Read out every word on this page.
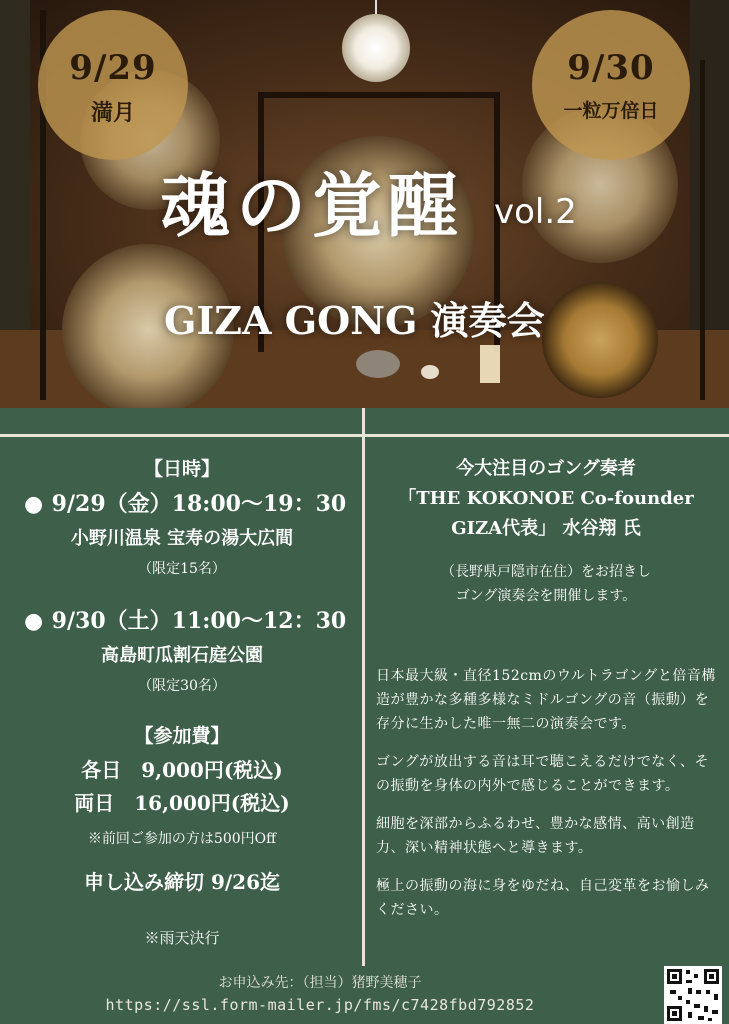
9/29
満月
9/30
一粒万倍日
魂の覚醒 vol.2
GIZA GONG 演奏会
【日時】
● 9/29（金）18:00～19：30
小野川温泉 宝寿の湯大広間
（限定15名）
● 9/30（土）11:00～12：30
高島町瓜割石庭公園
（限定30名）
【参加費】
各日　9,000円(税込)
両日　16,000円(税込)
※前回ご参加の方は500円Off
申し込み締切 9/26迄
※雨天決行
今大注目のゴング奏者
「THE KOKONOE Co-founder
GIZA代表」 水谷翔 氏
（長野県戸隠市在住）をお招きし
ゴング演奏会を開催します。
日本最大級・直径152cmのウルトラゴングと倍音構造が豊かな多種多様なミドルゴングの音（振動）を存分に生かした唯一無二の演奏会です。
ゴングが放出する音は耳で聴こえるだけでなく、その振動を身体の内外で感じることができます。
細胞を深部からふるわせ、豊かな感情、高い創造力、深い精神状態へと導きます。
極上の振動の海に身をゆだね、自己変革をお愉しみください。
お申込み先：（担当）猪野美穂子
https://ssl.form-mailer.jp/fms/c7428fbd792852
